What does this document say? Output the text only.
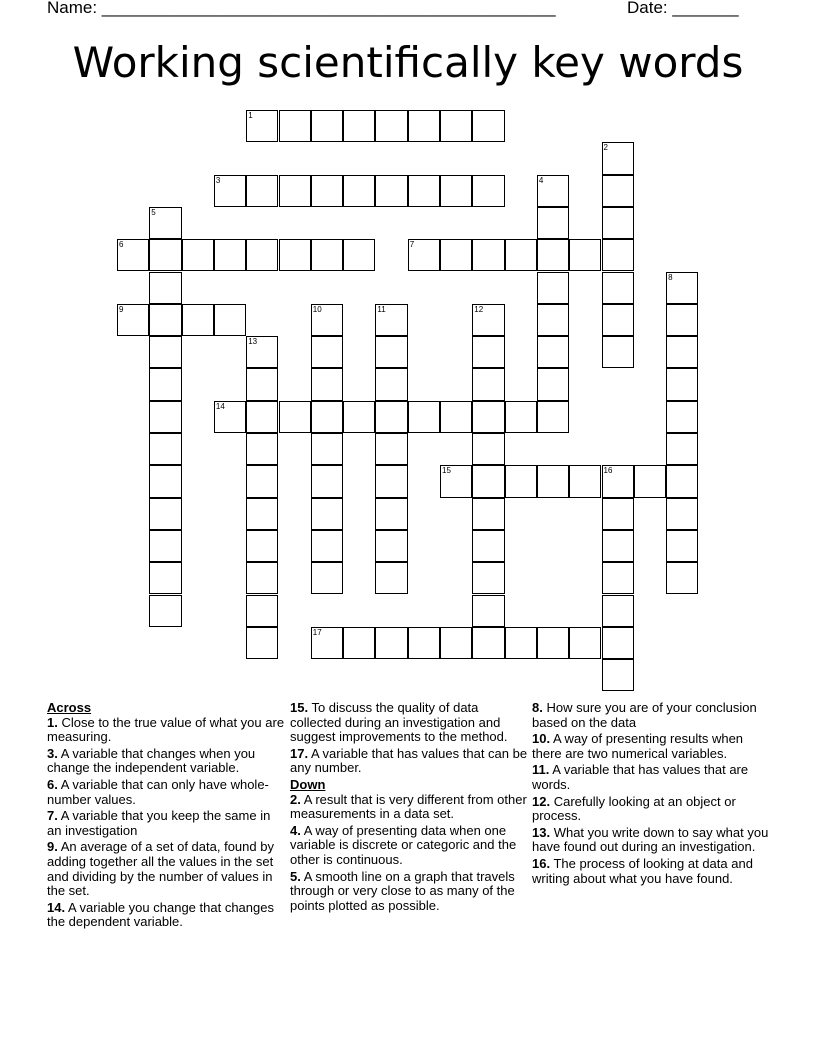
Name: ________________________________________________	Date: _______
Working scientifically key words
1
2
3	4
5
6	7
8
9	10	11	12
13
14
15	16
17
Across
1. Close to the true value of what you are measuring.
3. A variable that changes when you change the independent variable.
6. A variable that can only have whole-number values.
7. A variable that you keep the same in an investigation
9. An average of a set of data, found by adding together all the values in the set and dividing by the number of values in the set.
14. A variable you change that changes the dependent variable.
15. To discuss the quality of data collected during an investigation and suggest improvements to the method.
17. A variable that has values that can be any number.
Down
2. A result that is very different from other measurements in a data set.
4. A way of presenting data when one variable is discrete or categoric and the other is continuous.
5. A smooth line on a graph that travels through or very close to as many of the points plotted as possible.
8. How sure you are of your conclusion based on the data
10. A way of presenting results when there are two numerical variables.
11. A variable that has values that are words.
12. Carefully looking at an object or process.
13. What you write down to say what you have found out during an investigation.
16. The process of looking at data and writing about what you have found.
